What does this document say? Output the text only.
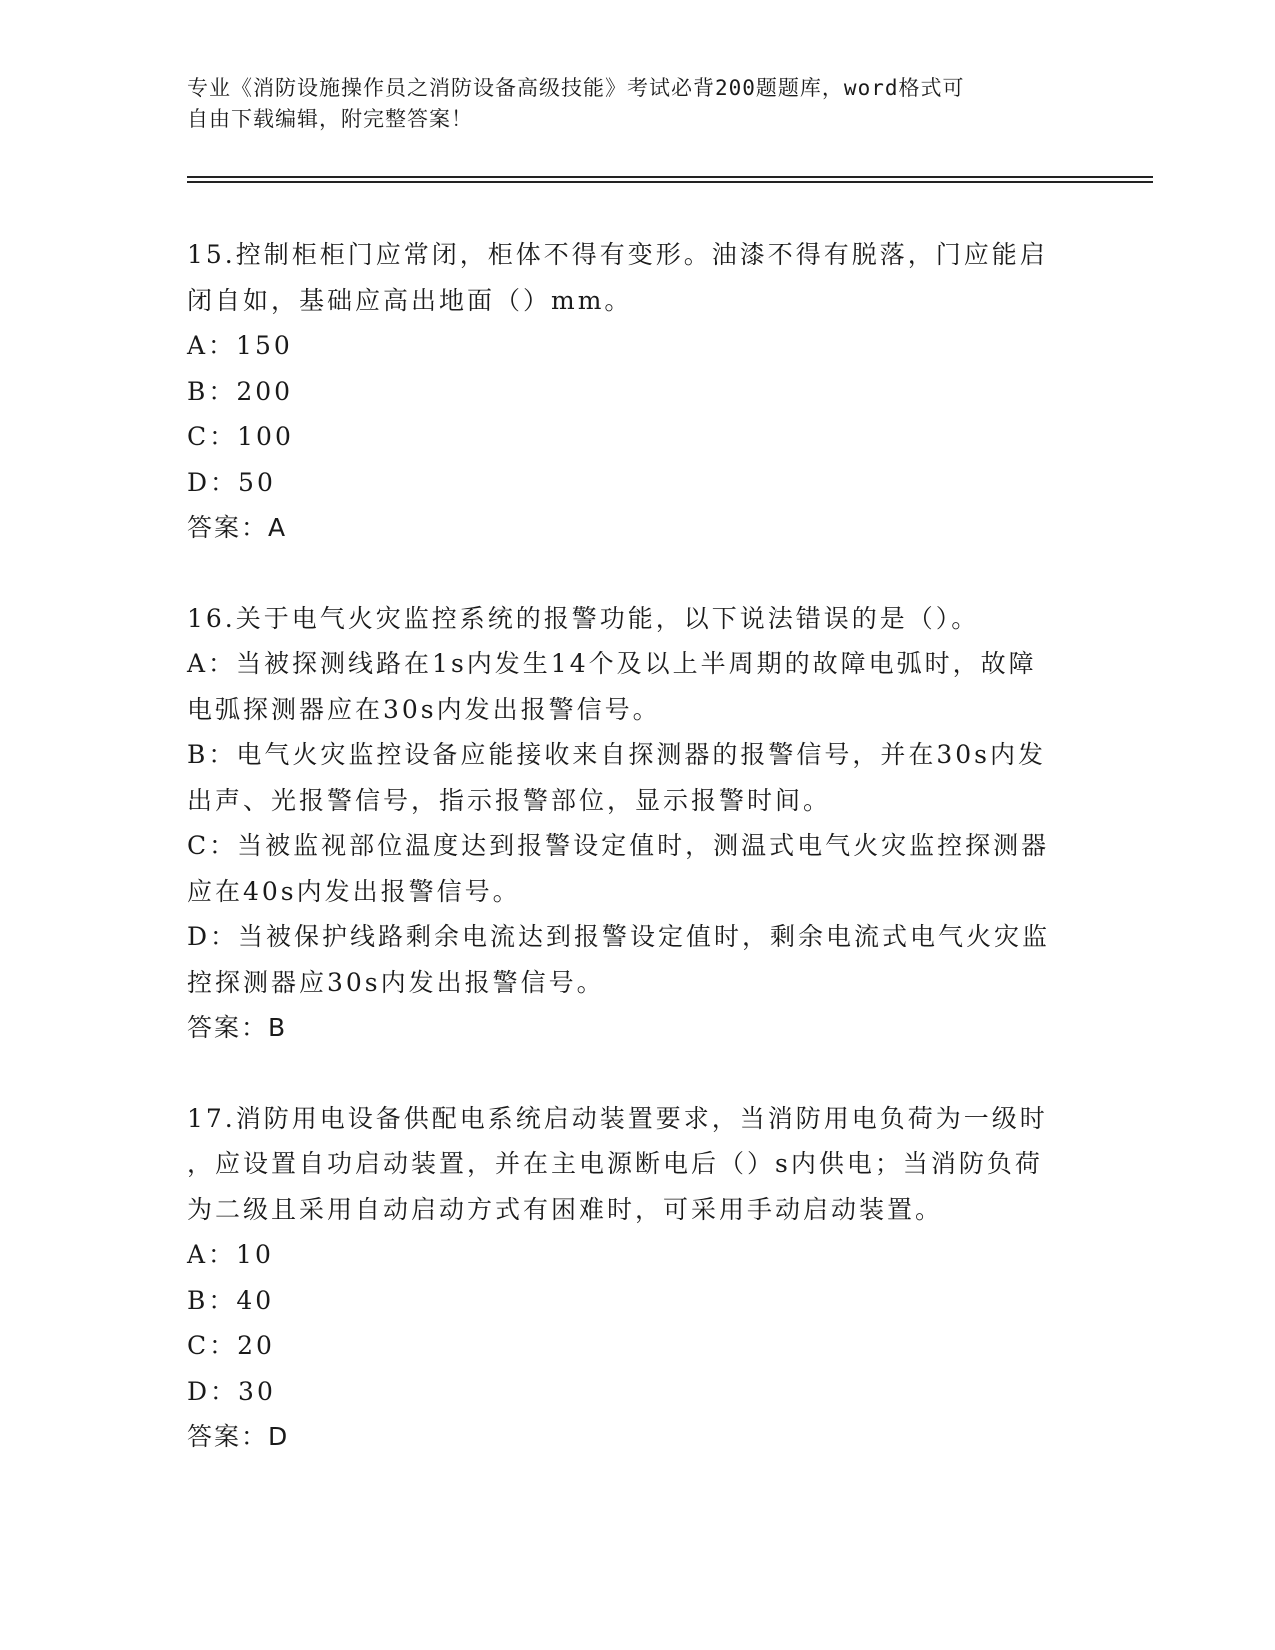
专业《消防设施操作员之消防设备高级技能》考试必背200题题库，word格式可
自由下载编辑，附完整答案！

15.控制柜柜门应常闭，柜体不得有变形。油漆不得有脱落，门应能启

闭自如，基础应高出地面（）mm。

A：150

B：200

C：100

D：50

答案：A

16.关于电气火灾监控系统的报警功能，以下说法错误的是（）。

A：当被探测线路在1s内发生14个及以上半周期的故障电弧时，故障

电弧探测器应在30s内发出报警信号。

B：电气火灾监控设备应能接收来自探测器的报警信号，并在30s内发

出声、光报警信号，指示报警部位，显示报警时间。

C：当被监视部位温度达到报警设定值时，测温式电气火灾监控探测器

应在40s内发出报警信号。

D：当被保护线路剩余电流达到报警设定值时，剩余电流式电气火灾监

控探测器应30s内发出报警信号。

答案：B

17.消防用电设备供配电系统启动装置要求，当消防用电负荷为一级时

，应设置自功启动装置，并在主电源断电后（）s内供电；当消防负荷

为二级且采用自动启动方式有困难时，可采用手动启动装置。

A：10

B：40

C：20

D：30

答案：D
